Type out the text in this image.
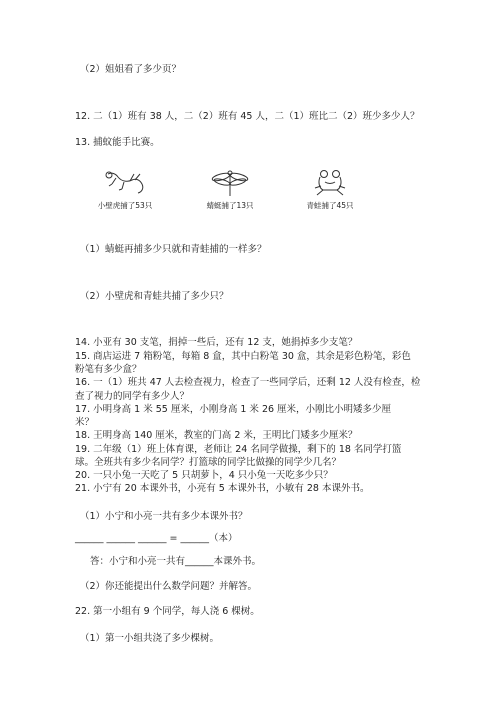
（2）姐姐看了多少页？
12. 二（1）班有 38 人，二（2）班有 45 人，二（1）班比二（2）班少多少人？
13. 捕蚊能手比赛。
小壁虎捕了53只	蜻蜓捕了13只	青蛙捕了45只
（1）蜻蜓再捕多少只就和青蛙捕的一样多？
（2）小壁虎和青蛙共捕了多少只？
14. 小亚有 30 支笔，捐掉一些后，还有 12 支，她捐掉多少支笔？
15. 商店运进 7 箱粉笔，每箱 8 盒，其中白粉笔 30 盒，其余是彩色粉笔，彩色
粉笔有多少盒？
16. 一（1）班共 47 人去检查视力，检查了一些同学后，还剩 12 人没有检查，检
查了视力的同学有多少人？
17. 小明身高 1 米 55 厘米，小刚身高 1 米 26 厘米，小刚比小明矮多少厘
米？
18. 王明身高 140 厘米，教室的门高 2 米，王明比门矮多少厘米？
19. 二年级（1）班上体育课，老师让 24 名同学做操，剩下的 18 名同学打篮
球。全班共有多少名同学？打篮球的同学比做操的同学少几名？
20. 一只小兔一天吃了 5 只胡萝卜，4 只小兔一天吃多少只？
21. 小宁有 20 本课外书，小亮有 5 本课外书，小敏有 28 本课外书。
（1）小宁和小亮一共有多少本课外书？
______ ______ ______ = ______（本）
答：小宁和小亮一共有______本课外书。
（2）你还能提出什么数学问题？并解答。
22. 第一小组有 9 个同学，每人浇 6 棵树。
（1）第一小组共浇了多少棵树。
